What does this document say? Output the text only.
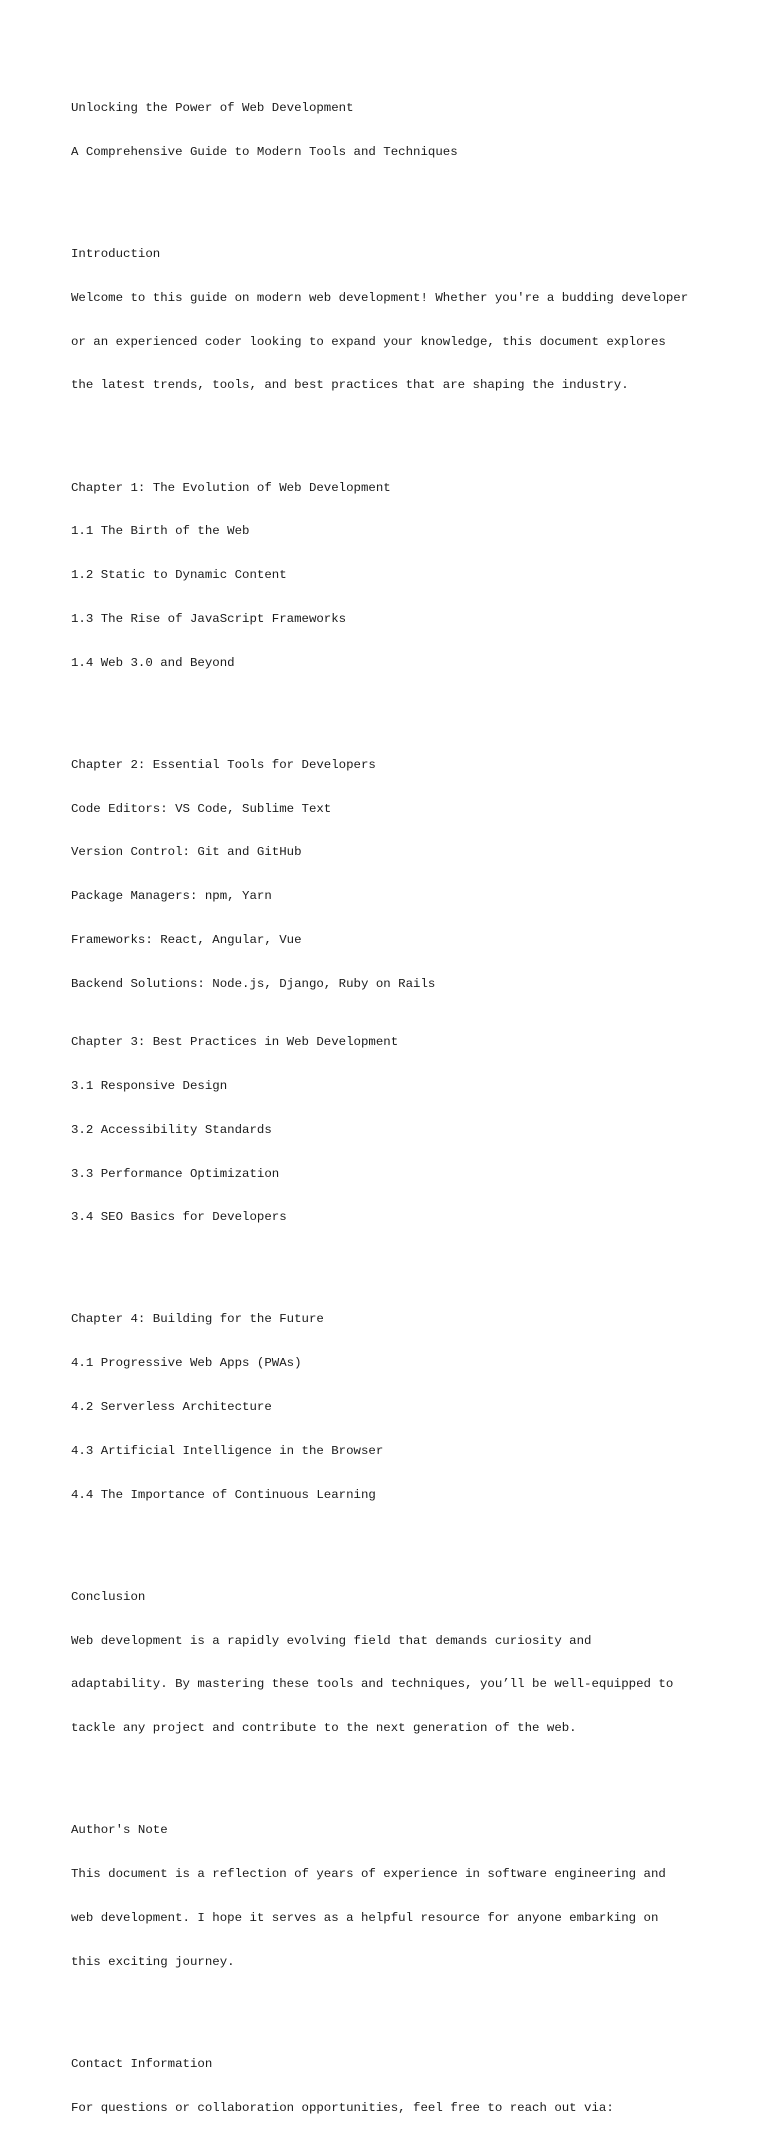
Unlocking the Power of Web Development

A Comprehensive Guide to Modern Tools and Techniques

Introduction

Welcome to this guide on modern web development! Whether you're a budding developer

or an experienced coder looking to expand your knowledge, this document explores

the latest trends, tools, and best practices that are shaping the industry.

Chapter 1: The Evolution of Web Development

1.1 The Birth of the Web

1.2 Static to Dynamic Content

1.3 The Rise of JavaScript Frameworks

1.4 Web 3.0 and Beyond

Chapter 2: Essential Tools for Developers

Code Editors: VS Code, Sublime Text

Version Control: Git and GitHub

Package Managers: npm, Yarn

Frameworks: React, Angular, Vue

Backend Solutions: Node.js, Django, Ruby on Rails

Chapter 3: Best Practices in Web Development

3.1 Responsive Design

3.2 Accessibility Standards

3.3 Performance Optimization

3.4 SEO Basics for Developers

Chapter 4: Building for the Future

4.1 Progressive Web Apps (PWAs)

4.2 Serverless Architecture

4.3 Artificial Intelligence in the Browser

4.4 The Importance of Continuous Learning

Conclusion

Web development is a rapidly evolving field that demands curiosity and

adaptability. By mastering these tools and techniques, you’ll be well-equipped to

tackle any project and contribute to the next generation of the web.

Author's Note

This document is a reflection of years of experience in software engineering and

web development. I hope it serves as a helpful resource for anyone embarking on

this exciting journey.

Contact Information

For questions or collaboration opportunities, feel free to reach out via:
